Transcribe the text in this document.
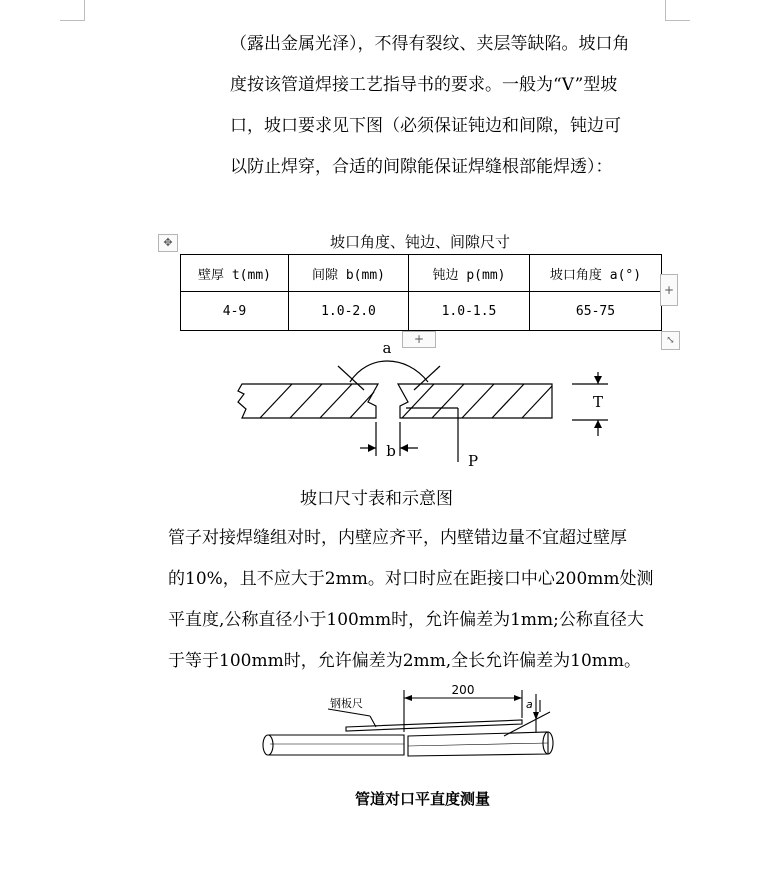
（露出金属光泽），不得有裂纹、夹层等缺陷。坡口角
度按该管道焊接工艺指导书的要求。一般为“V”型坡
口，坡口要求见下图（必须保证钝边和间隙，钝边可
以防止焊穿，合适的间隙能保证焊缝根部能焊透）：
坡口角度、钝边、间隙尺寸
✥
壁厚 t(mm)	间隙 b(mm)	钝边 p(mm)	坡口角度 a(°)
4-9	1.0-2.0	1.0-1.5	65-75
+
+	⤡
a
T
b
P
坡口尺寸表和示意图
管子对接焊缝组对时，内壁应齐平，内壁错边量不宜超过壁厚
的10%，且不应大于2mm。对口时应在距接口中心200mm处测
平直度,公称直径小于100mm时，允许偏差为1mm;公称直径大
于等于100mm时，允许偏差为2mm,全长允许偏差为10mm。
钢板尺
200
a
管道对口平直度测量
